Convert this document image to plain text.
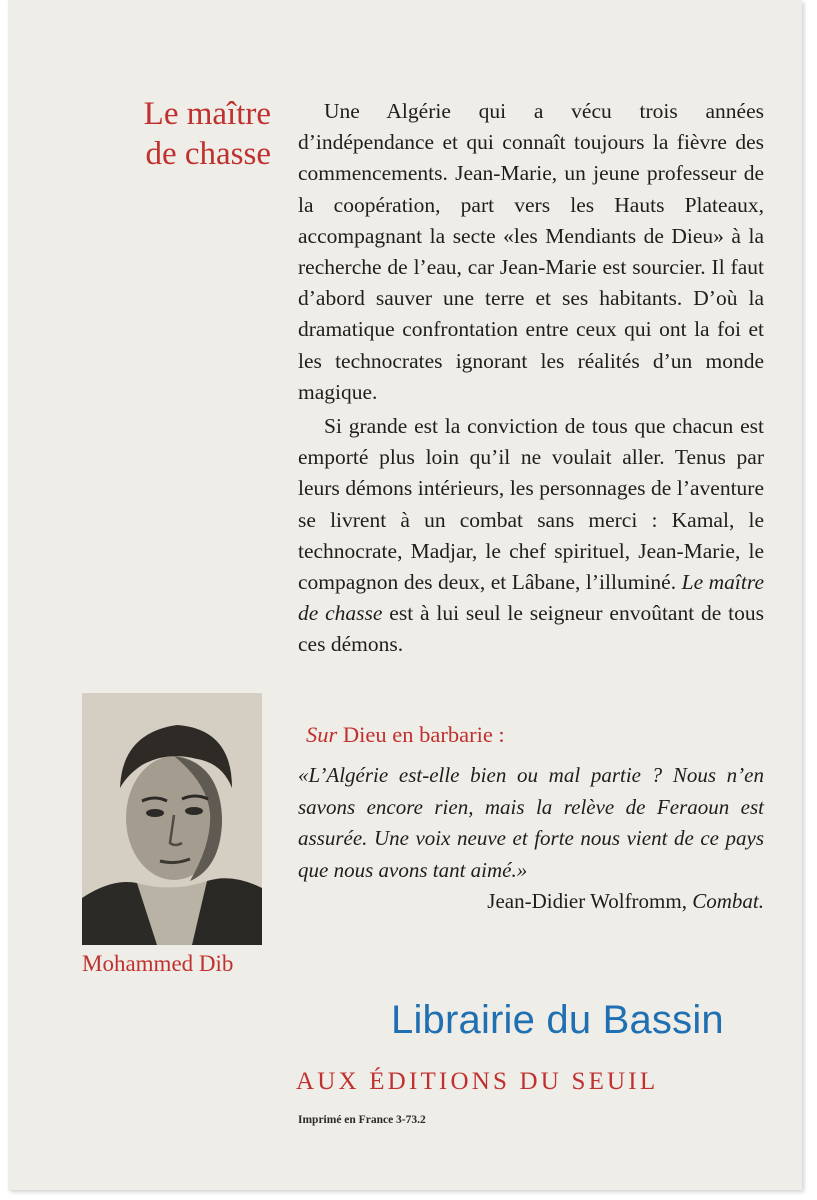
Le maître
de chasse

Une Algérie qui a vécu trois années d’indépendance et qui connaît toujours la fièvre des commencements. Jean-Marie, un jeune professeur de la coopération, part vers les Hauts Plateaux, accompagnant la secte «les Mendiants de Dieu» à la recherche de l’eau, car Jean-Marie est sourcier. Il faut d’abord sauver une terre et ses habitants. D’où la dramatique confrontation entre ceux qui ont la foi et les technocrates ignorant les réalités d’un monde magique.

Si grande est la conviction de tous que chacun est emporté plus loin qu’il ne voulait aller. Tenus par leurs démons intérieurs, les personnages de l’aventure se livrent à un combat sans merci : Kamal, le technocrate, Madjar, le chef spirituel, Jean-Marie, le compagnon des deux, et Lâbane, l’illuminé. Le maître de chasse est à lui seul le seigneur envoûtant de tous ces démons.

Sur Dieu en barbarie :
«L’Algérie est-elle bien ou mal partie ? Nous n’en savons encore rien, mais la relève de Feraoun est assurée. Une voix neuve et forte nous vient de ce pays que nous avons tant aimé.»
Jean-Didier Wolfromm, Combat.
Mohammed Dib
Librairie du Bassin
AUX ÉDITIONS DU SEUIL
Imprimé en France 3-73.2
